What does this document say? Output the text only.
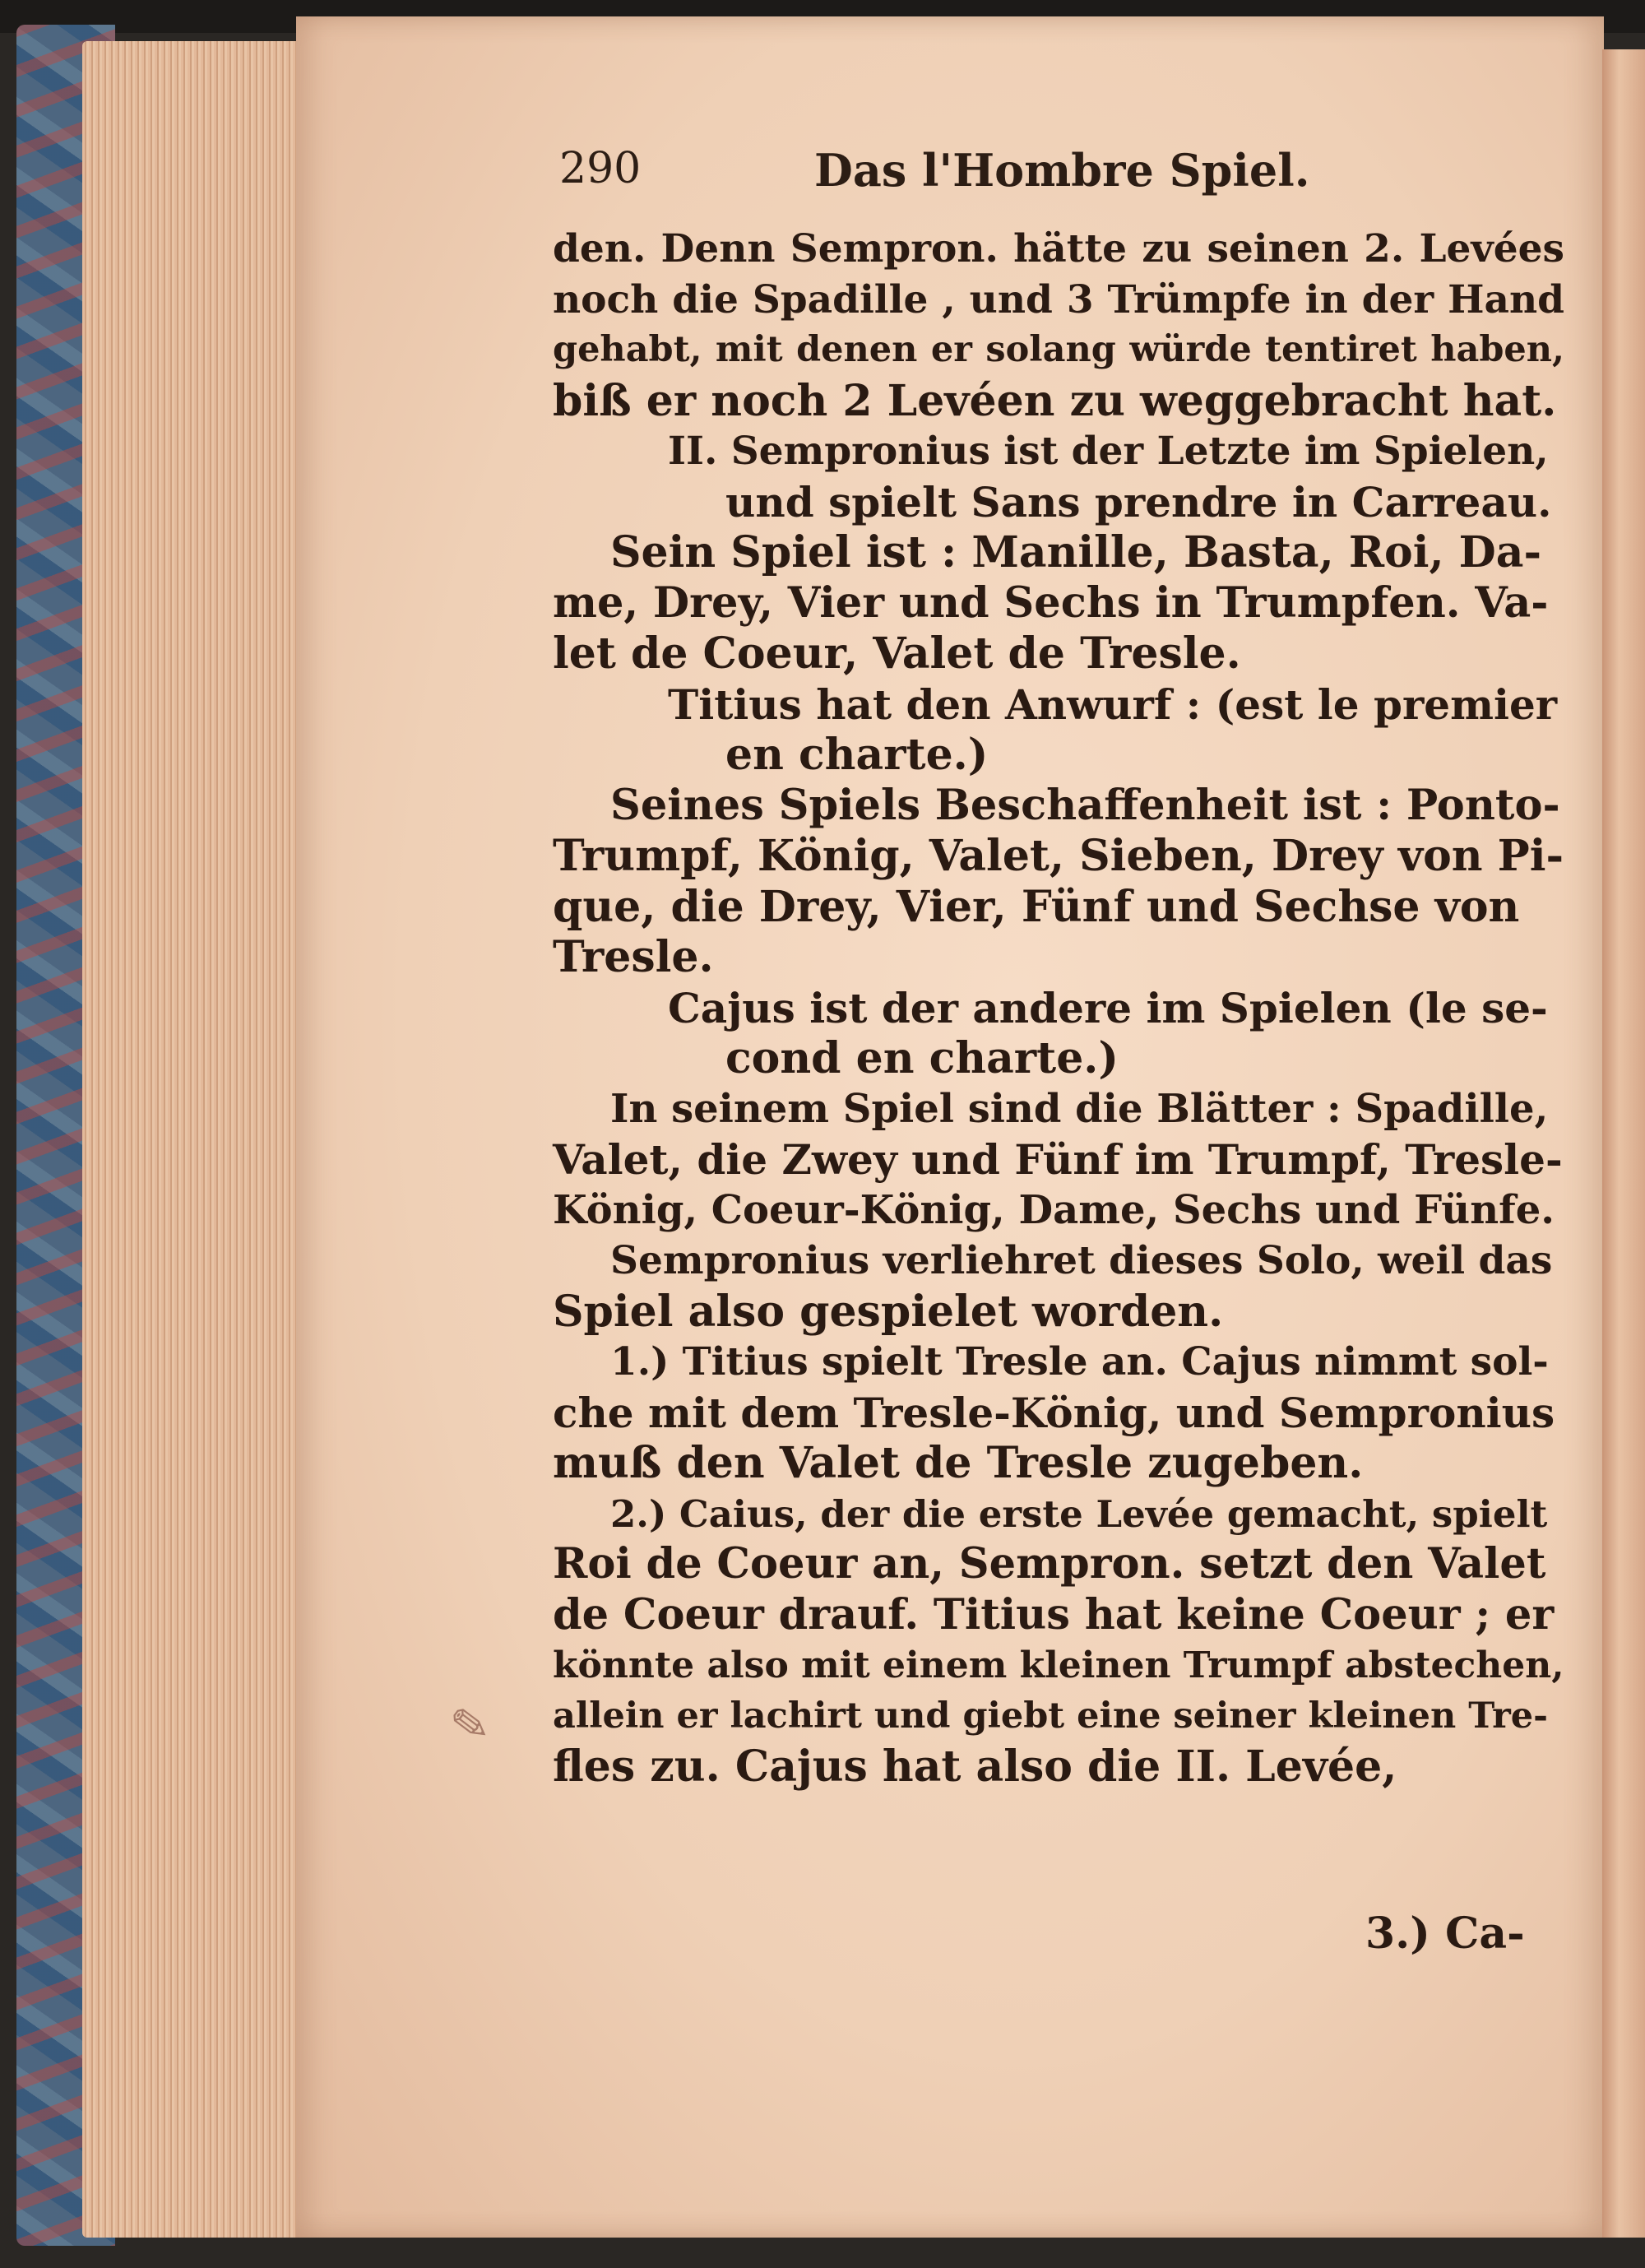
290	Das l'Hombre Spiel.
den. Denn Sempron. hätte zu seinen 2. Levées
noch die Spadille , und 3 Trümpfe in der Hand
gehabt, mit denen er solang würde tentiret haben,
biß er noch 2 Levéen zu weggebracht hat.
II. Sempronius ist der Letzte im Spielen,
und spielt Sans prendre in Carreau.
Sein Spiel ist : Manille, Basta, Roi, Da-
me, Drey, Vier und Sechs in Trumpfen. Va-
let de Coeur, Valet de Tresle.
Titius hat den Anwurf : (est le premier
en charte.)
Seines Spiels Beschaffenheit ist : Ponto-
Trumpf, König, Valet, Sieben, Drey von Pi-
que, die Drey, Vier, Fünf und Sechse von
Tresle.
Cajus ist der andere im Spielen (le se-
cond en charte.)
In seinem Spiel sind die Blätter : Spadille,
Valet, die Zwey und Fünf im Trumpf, Tresle-
König, Coeur-König, Dame, Sechs und Fünfe.
Sempronius verliehret dieses Solo, weil das
Spiel also gespielet worden.
1.) Titius spielt Tresle an. Cajus nimmt sol-
che mit dem Tresle-König, und Sempronius
muß den Valet de Tresle zugeben.
2.) Caius, der die erste Levée gemacht, spielt
Roi de Coeur an, Sempron. setzt den Valet
de Coeur drauf. Titius hat keine Coeur ; er
könnte also mit einem kleinen Trumpf abstechen,
allein er lachirt und giebt eine seiner kleinen Tre-
fles zu. Cajus hat also die II. Levée,
✎
3.) Ca-
